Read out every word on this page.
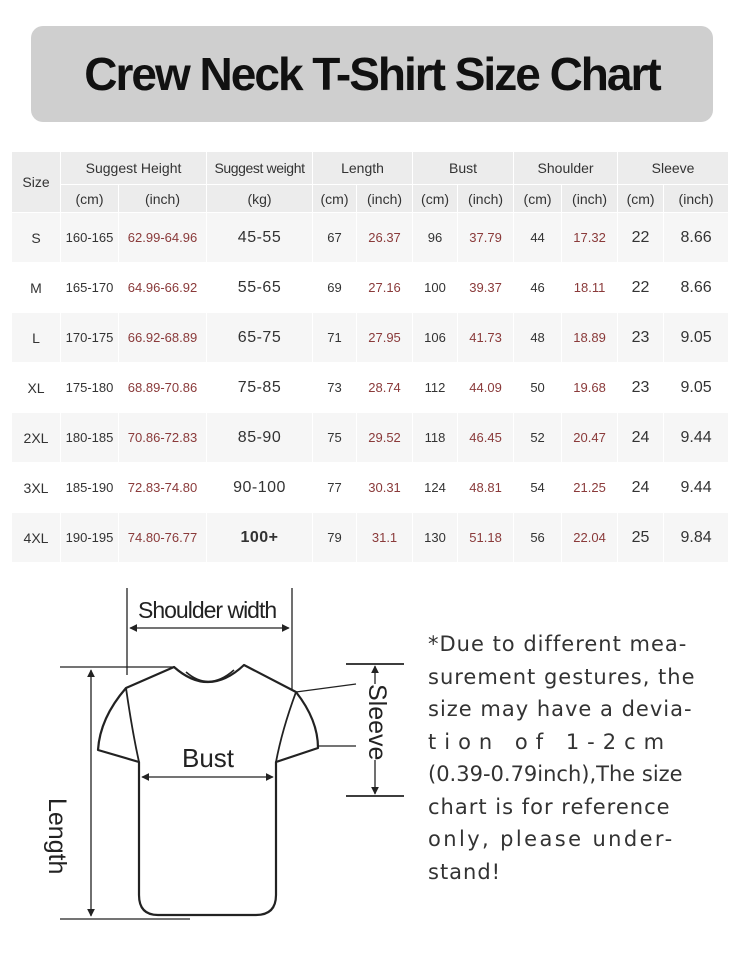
Crew Neck T-Shirt Size Chart
Size	Suggest Height		Suggest weight	Length		Bust		Shoulder		Sleeve	
	(cm)	(inch)	(kg)	(cm)	(inch)	(cm)	(inch)	(cm)	(inch)	(cm)	(inch)
S	160-165	62.99-64.96	45-55	67	26.37	96	37.79	44	17.32	22	8.66
M	165-170	64.96-66.92	55-65	69	27.16	100	39.37	46	18.11	22	8.66
L	170-175	66.92-68.89	65-75	71	27.95	106	41.73	48	18.89	23	9.05
XL	175-180	68.89-70.86	75-85	73	28.74	112	44.09	50	19.68	23	9.05
2XL	180-185	70.86-72.83	85-90	75	29.52	118	46.45	52	20.47	24	9.44
3XL	185-190	72.83-74.80	90-100	77	30.31	124	48.81	54	21.25	24	9.44
4XL	190-195	74.80-76.77	100+	79	31.1	130	51.18	56	22.04	25	9.84
Shoulder width
Bust
Length
Sleeve
*Due to different mea-
surement gestures, the
size may have a devia-
tion of 1-2cm
(0.39-0.79inch),The size
chart is for reference
only, please under-
stand!
